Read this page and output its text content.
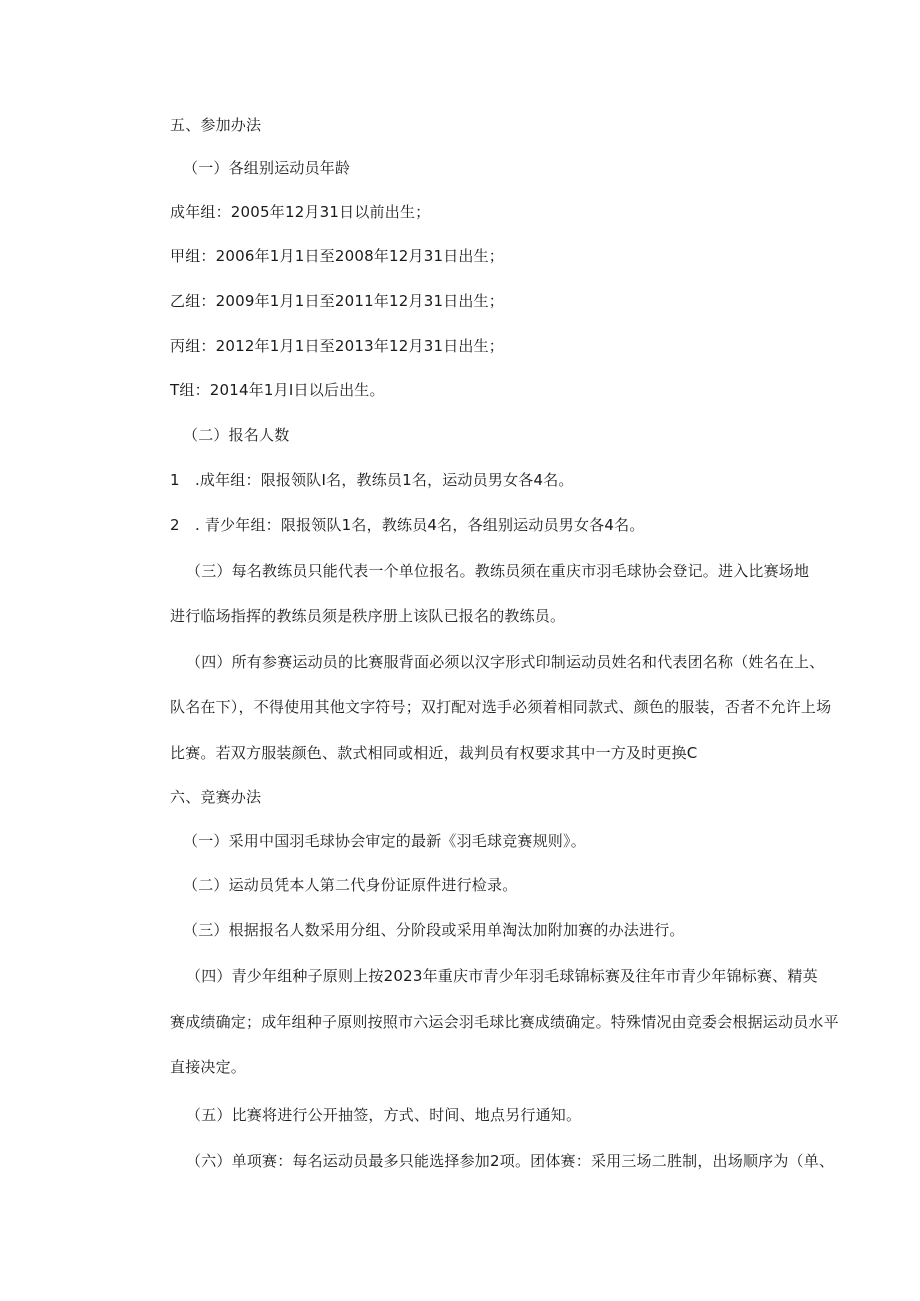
五、参加办法
（一）各组别运动员年龄
成年组：2005年12月31日以前出生；
甲组：2006年1月1日至2008年12月31日出生；
乙组：2009年1月1日至2011年12月31日出生；
丙组：2012年1月1日至2013年12月31日出生；
T组：2014年1月I日以后出生。
（二）报名人数
1　.成年组：限报领队I名，教练员1名，运动员男女各4名。
2　. 青少年组：限报领队1名，教练员4名，各组别运动员男女各4名。
（三）每名教练员只能代表一个单位报名。教练员须在重庆市羽毛球协会登记。进入比赛场地
进行临场指挥的教练员须是秩序册上该队已报名的教练员。
（四）所有参赛运动员的比赛服背面必须以汉字形式印制运动员姓名和代表团名称（姓名在上、
队名在下），不得使用其他文字符号；双打配对选手必须着相同款式、颜色的服装，否者不允许上场
比赛。若双方服装颜色、款式相同或相近，裁判员有权要求其中一方及时更换C
六、竞赛办法
（一）采用中国羽毛球协会审定的最新《羽毛球竞赛规则》。
（二）运动员凭本人第二代身份证原件进行检录。
（三）根据报名人数采用分组、分阶段或采用单淘汰加附加赛的办法进行。
（四）青少年组种子原则上按2023年重庆市青少年羽毛球锦标赛及往年市青少年锦标赛、精英
赛成绩确定；成年组种子原则按照市六运会羽毛球比赛成绩确定。特殊情况由竞委会根据运动员水平
直接决定。
（五）比赛将进行公开抽签，方式、时间、地点另行通知。
（六）单项赛：每名运动员最多只能选择参加2项。团体赛：采用三场二胜制，出场顺序为（单、
